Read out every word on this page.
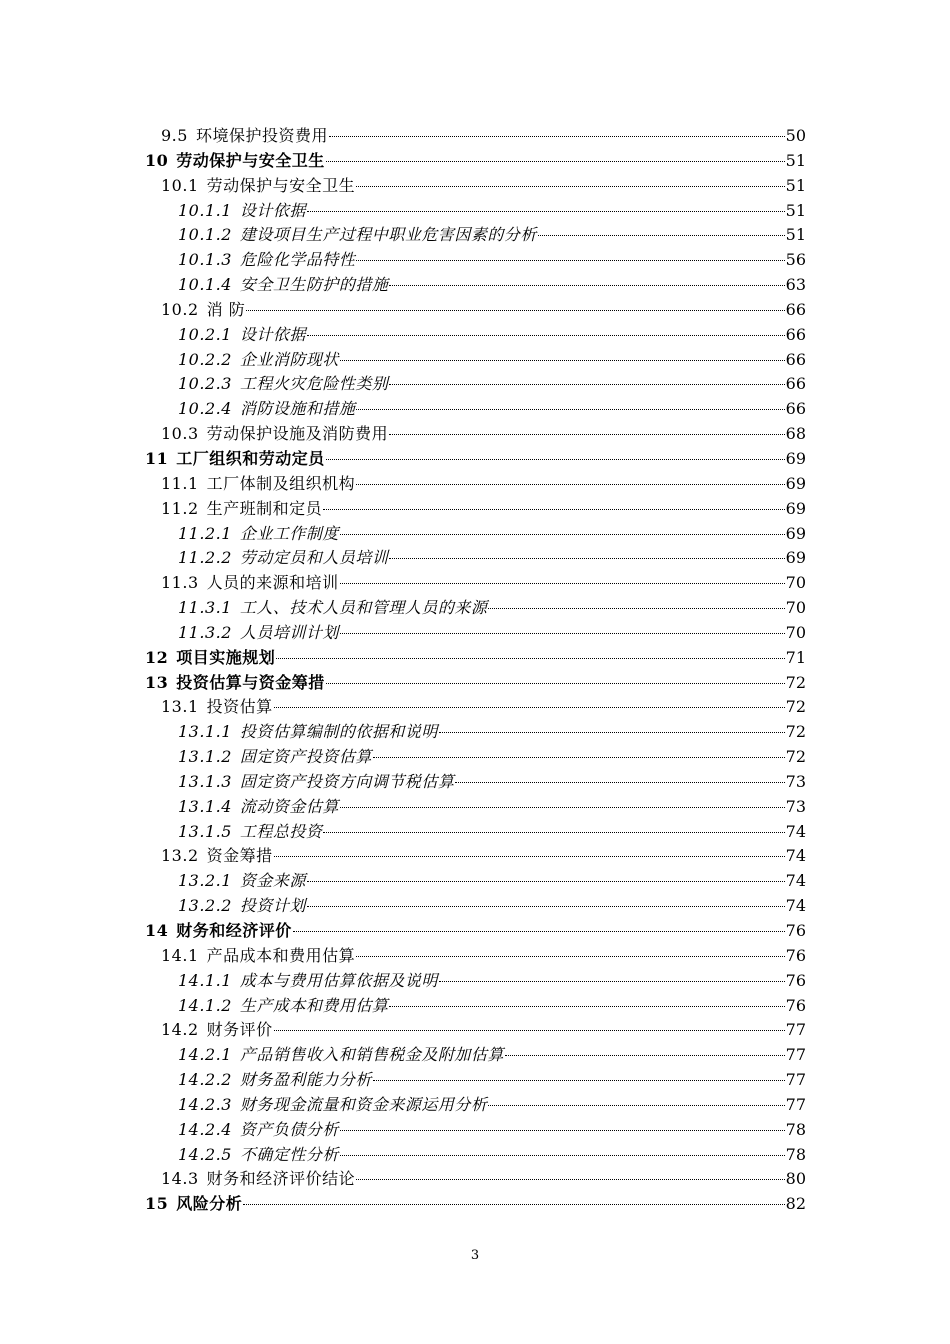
9.5 环境保护投资费用	50
10 劳动保护与安全卫生	51
10.1 劳动保护与安全卫生	51
10.1.1 设计依据	51
10.1.2 建设项目生产过程中职业危害因素的分析	51
10.1.3 危险化学品特性	56
10.1.4 安全卫生防护的措施	63
10.2 消 防	66
10.2.1 设计依据	66
10.2.2 企业消防现状	66
10.2.3 工程火灾危险性类别	66
10.2.4 消防设施和措施	66
10.3 劳动保护设施及消防费用	68
11 工厂组织和劳动定员	69
11.1 工厂体制及组织机构	69
11.2 生产班制和定员	69
11.2.1 企业工作制度	69
11.2.2 劳动定员和人员培训	69
11.3 人员的来源和培训	70
11.3.1 工人、技术人员和管理人员的来源	70
11.3.2 人员培训计划	70
12 项目实施规划	71
13 投资估算与资金筹措	72
13.1 投资估算	72
13.1.1 投资估算编制的依据和说明	72
13.1.2 固定资产投资估算	72
13.1.3 固定资产投资方向调节税估算	73
13.1.4 流动资金估算	73
13.1.5 工程总投资	74
13.2 资金筹措	74
13.2.1 资金来源	74
13.2.2 投资计划	74
14 财务和经济评价	76
14.1 产品成本和费用估算	76
14.1.1 成本与费用估算依据及说明	76
14.1.2 生产成本和费用估算	76
14.2 财务评价	77
14.2.1 产品销售收入和销售税金及附加估算	77
14.2.2 财务盈利能力分析	77
14.2.3 财务现金流量和资金来源运用分析	77
14.2.4 资产负债分析	78
14.2.5 不确定性分析	78
14.3 财务和经济评价结论	80
15 风险分析	82
3
